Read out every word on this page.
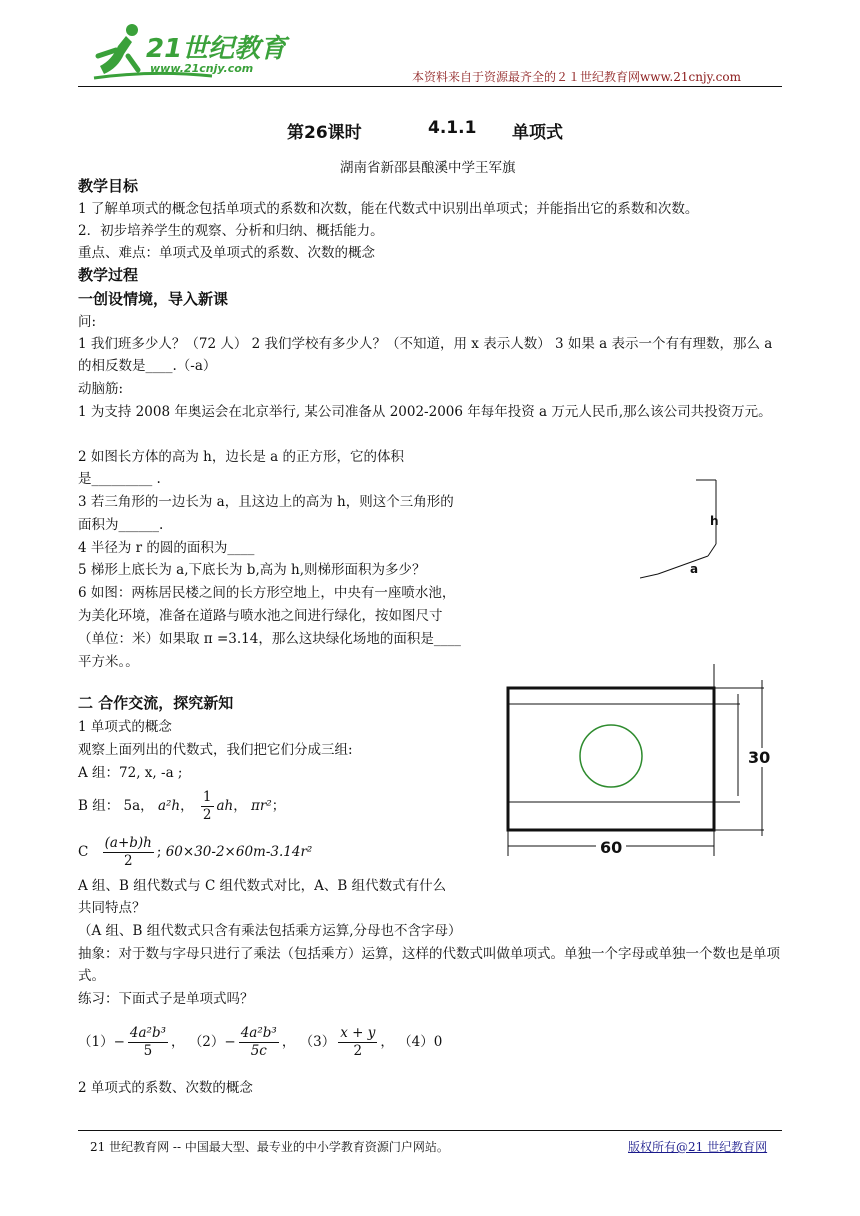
21世纪教育
www.21cnjy.com
本资料来自于资源最齐全的２１世纪教育网www.21cnjy.com
第26课时	4.1.1 单项式
湖南省新邵县酿溪中学王军旗
教学目标
1 了解单项式的概念包括单项式的系数和次数，能在代数式中识别出单项式；并能指出它的系数和次数。
2．初步培养学生的观察、分析和归纳、概括能力。
重点、难点：单项式及单项式的系数、次数的概念
教学过程
一创设情境，导入新课
问:
1 我们班多少人？（72 人） 2 我们学校有多少人？（不知道，用 x 表示人数） 3 如果 a 表示一个有有理数，那么 a 的相反数是____.（-a）
动脑筋:
1 为支持 2008 年奥运会在北京举行, 某公司准备从 2002-2006 年每年投资 a 万元人民币,那么该公司共投资万元。
2 如图长方体的高为 h，边长是 a 的正方形，它的体积
是_________ .
3 若三角形的一边长为 a，且这边上的高为 h，则这个三角形的
面积为______.
4 半径为 r 的圆的面积为____
5 梯形上底长为 a,下底长为 b,高为 h,则梯形面积为多少？
6 如图：两栋居民楼之间的长方形空地上，中央有一座喷水池，
为美化环境，准备在道路与喷水池之间进行绿化，按如图尺寸
（单位：米）如果取 π =3.14，那么这块绿化场地的面积是____
平方米。。
h
a
30
60
二 合作交流，探究新知
1 单项式的概念
观察上面列出的代数式，我们把它们分成三组:
A 组：72, x, -a ;
B 组： 5a， a²h， $\frac{1}{2}$ ah， πr²；
C $\frac{(a+b)h}{2}$ ; 60×30-2×60m-3.14r²
A 组、B 组代数式与 C 组代数式对比，A、B 组代数式有什么
共同特点？
（A 组、B 组代数式只含有乘法包括乘方运算,分母也不含字母）
抽象：对于数与字母只进行了乘法（包括乘方）运算，这样的代数式叫做单项式。单独一个字母或单独一个数也是单项式。
练习：下面式子是单项式吗？
$(1)- \frac{\text{4a²b³}}{5}$ ， $(2)- \frac{\text{4a²b³}}{5c}$ ， $(3) \frac{x + y}{2}$ ， （4）0
2 单项式的系数、次数的概念
21 世纪教育网 -- 中国最大型、最专业的中小学教育资源门户网站。	版权所有@21 世纪教育网
